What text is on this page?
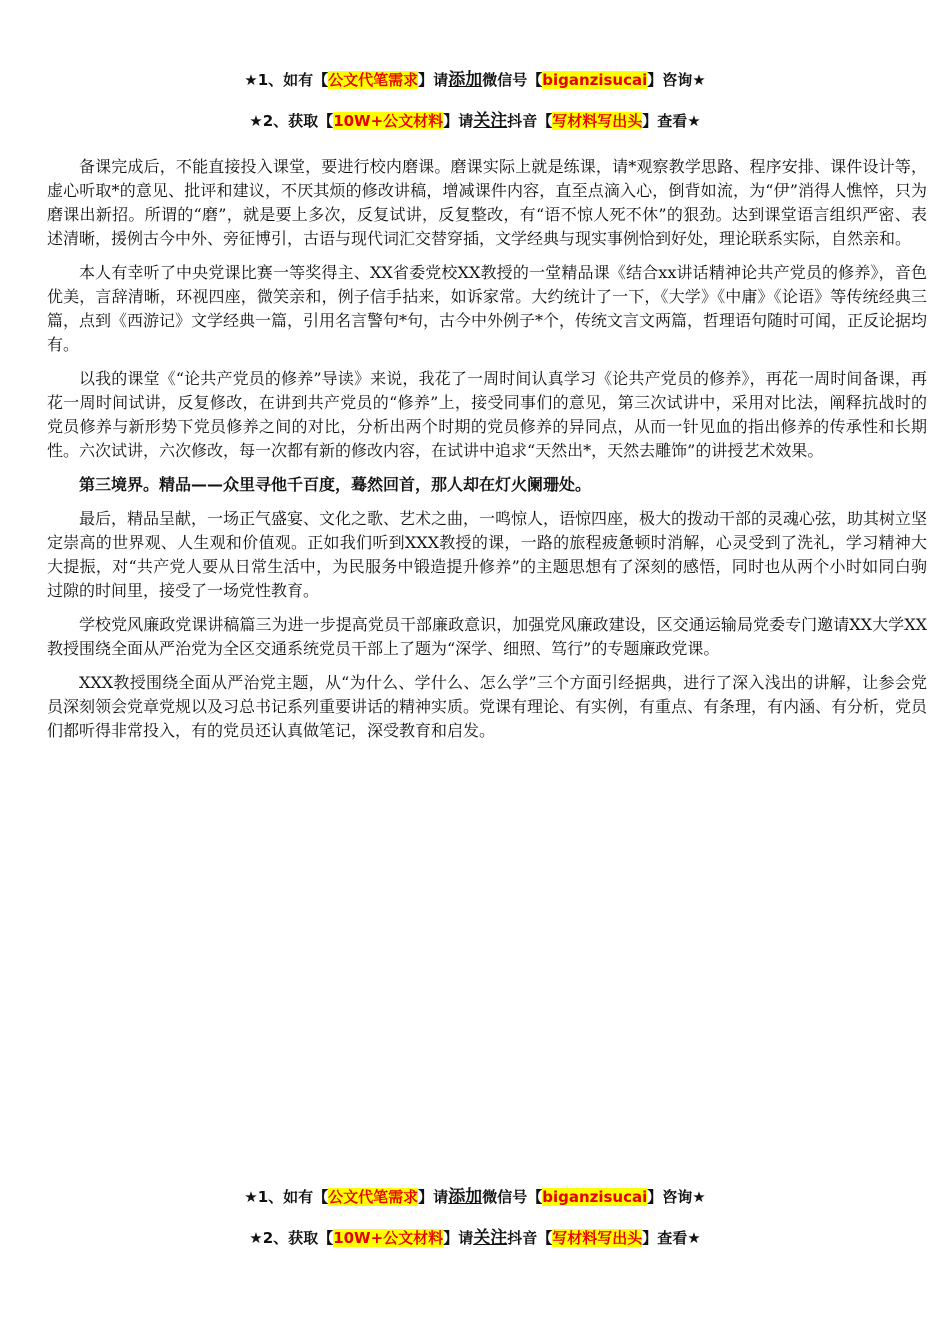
★1、如有【公文代笔需求】请添加微信号【biganzisucai】咨询★
★2、获取【10W+公文材料】请关注抖音【写材料写出头】查看★

备课完成后，不能直接投入课堂，要进行校内磨课。磨课实际上就是练课，请*观察教学思路、程序安排、课件设计等，虚心听取*的意见、批评和建议，不厌其烦的修改讲稿，增减课件内容，直至点滴入心，倒背如流，为“伊”消得人憔悴，只为磨课出新招。所谓的“磨”，就是要上多次，反复试讲，反复整改，有“语不惊人死不休”的狠劲。达到课堂语言组织严密、表述清晰，援例古今中外、旁征博引，古语与现代词汇交替穿插，文学经典与现实事例恰到好处，理论联系实际，自然亲和。

本人有幸听了中央党课比赛一等奖得主、XX省委党校XX教授的一堂精品课《结合xx讲话精神论共产党员的修养》，音色优美，言辞清晰，环视四座，微笑亲和，例子信手拈来，如诉家常。大约统计了一下，《大学》《中庸》《论语》等传统经典三篇，点到《西游记》文学经典一篇，引用名言警句*句，古今中外例子*个，传统文言文两篇，哲理语句随时可闻，正反论据均有。

以我的课堂《“论共产党员的修养”导读》来说，我花了一周时间认真学习《论共产党员的修养》，再花一周时间备课，再花一周时间试讲，反复修改，在讲到共产党员的“修养”上，接受同事们的意见，第三次试讲中，采用对比法，阐释抗战时的党员修养与新形势下党员修养之间的对比，分析出两个时期的党员修养的异同点，从而一针见血的指出修养的传承性和长期性。六次试讲，六次修改，每一次都有新的修改内容，在试讲中追求“天然出*，天然去雕饰”的讲授艺术效果。

第三境界。精品——众里寻他千百度，蓦然回首，那人却在灯火阑珊处。

最后，精品呈献，一场正气盛宴、文化之歌、艺术之曲，一鸣惊人，语惊四座，极大的拨动干部的灵魂心弦，助其树立坚定崇高的世界观、人生观和价值观。正如我们听到XXX教授的课，一路的旅程疲惫顿时消解，心灵受到了洗礼，学习精神大大提振，对“共产党人要从日常生活中，为民服务中锻造提升修养”的主题思想有了深刻的感悟，同时也从两个小时如同白驹过隙的时间里，接受了一场党性教育。

学校党风廉政党课讲稿篇三为进一步提高党员干部廉政意识，加强党风廉政建设，区交通运输局党委专门邀请XX大学XX教授围绕全面从严治党为全区交通系统党员干部上了题为“深学、细照、笃行”的专题廉政党课。

XXX教授围绕全面从严治党主题，从“为什么、学什么、怎么学”三个方面引经据典，进行了深入浅出的讲解，让参会党员深刻领会党章党规以及习总书记系列重要讲话的精神实质。党课有理论、有实例，有重点、有条理，有内涵、有分析，党员们都听得非常投入，有的党员还认真做笔记，深受教育和启发。

★1、如有【公文代笔需求】请添加微信号【biganzisucai】咨询★
★2、获取【10W+公文材料】请关注抖音【写材料写出头】查看★
